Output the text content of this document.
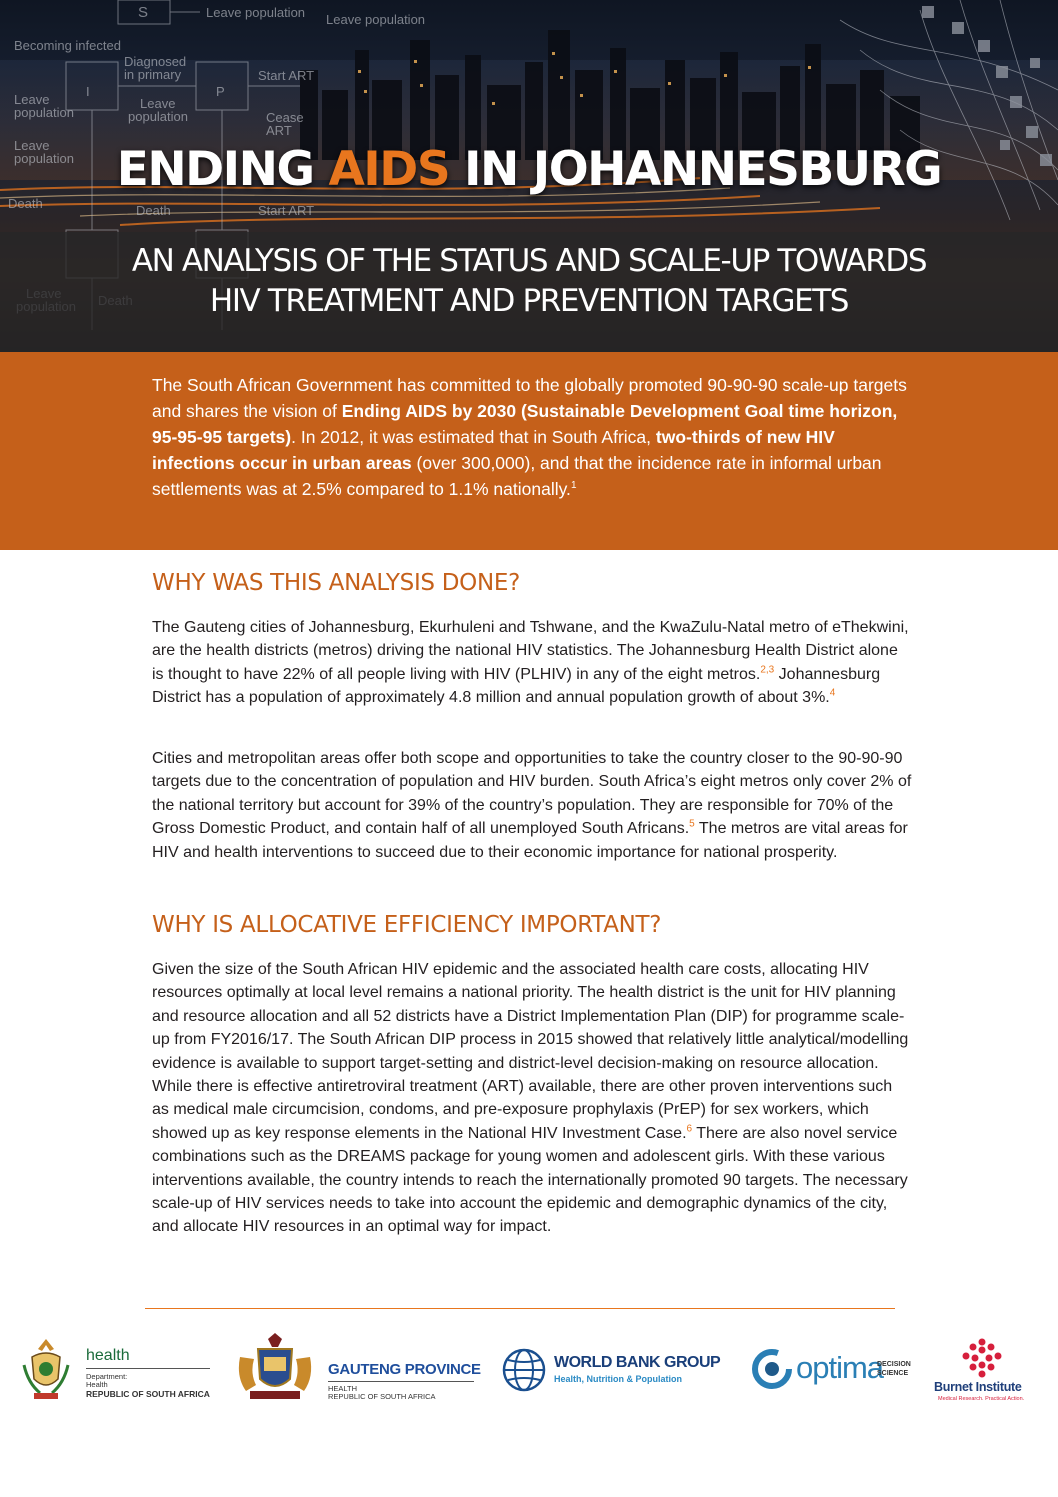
S	Leave population Leave population
Becoming infected
Diagnosed
in primary
I	P
Leave
population
Leave
population
Start ART
Cease
ART
Leave
population
Death	Death	Start ART
ENDING AIDS IN JOHANNESBURG
AN ANALYSIS OF THE STATUS AND SCALE-UP TOWARDS
HIV TREATMENT AND PREVENTION TARGETS

The South African Government has committed to the globally promoted 90-90-90 scale-up targets and shares the vision of Ending AIDS by 2030 (Sustainable Development Goal time horizon, 95-95-95 targets). In 2012, it was estimated that in South Africa, two-thirds of new HIV infections occur in urban areas (over 300,000), and that the incidence rate in informal urban settlements was at 2.5% compared to 1.1% nationally.$^1$

WHY WAS THIS ANALYSIS DONE?

The Gauteng cities of Johannesburg, Ekurhuleni and Tshwane, and the KwaZulu-Natal metro of eThekwini, are the health districts (metros) driving the national HIV statistics. The Johannesburg Health District alone is thought to have 22% of all people living with HIV (PLHIV) in any of the eight metros.$^{2,3}$ Johannesburg District has a population of approximately 4.8 million and annual population growth of about 3%.$^4$

Cities and metropolitan areas offer both scope and opportunities to take the country closer to the 90-90-90 targets due to the concentration of population and HIV burden. South Africa’s eight metros only cover 2% of the national territory but account for 39% of the country’s population. They are responsible for 70% of the Gross Domestic Product, and contain half of all unemployed South Africans.$^5$ The metros are vital areas for HIV and health interventions to succeed due to their economic importance for national prosperity.

WHY IS ALLOCATIVE EFFICIENCY IMPORTANT?

Given the size of the South African HIV epidemic and the associated health care costs, allocating HIV resources optimally at local level remains a national priority. The health district is the unit for HIV planning and resource allocation and all 52 districts have a District Implementation Plan (DIP) for programme scale-up from FY2016/17. The South African DIP process in 2015 showed that relatively little analytical/modelling evidence is available to support target-setting and district-level decision-making on resource allocation. While there is effective antiretroviral treatment (ART) available, there are other proven interventions such as medical male circumcision, condoms, and pre-exposure prophylaxis (PrEP) for sex workers, which showed up as key response elements in the National HIV Investment Case.$^6$ There are also novel service combinations such as the DREAMS package for young women and adolescent girls. With these various interventions available, the country intends to reach the internationally promoted 90 targets. The necessary scale-up of HIV services needs to take into account the epidemic and demographic dynamics of the city, and allocate HIV resources in an optimal way for impact.

health
Department:
Health
REPUBLIC OF SOUTH AFRICA
GAUTENG PROVINCE
HEALTH
REPUBLIC OF SOUTH AFRICA
WORLD BANK GROUP
Health, Nutrition & Population	optima
DECISION
SCIENCE
Burnet Institute
Medical Research. Practical Action.
